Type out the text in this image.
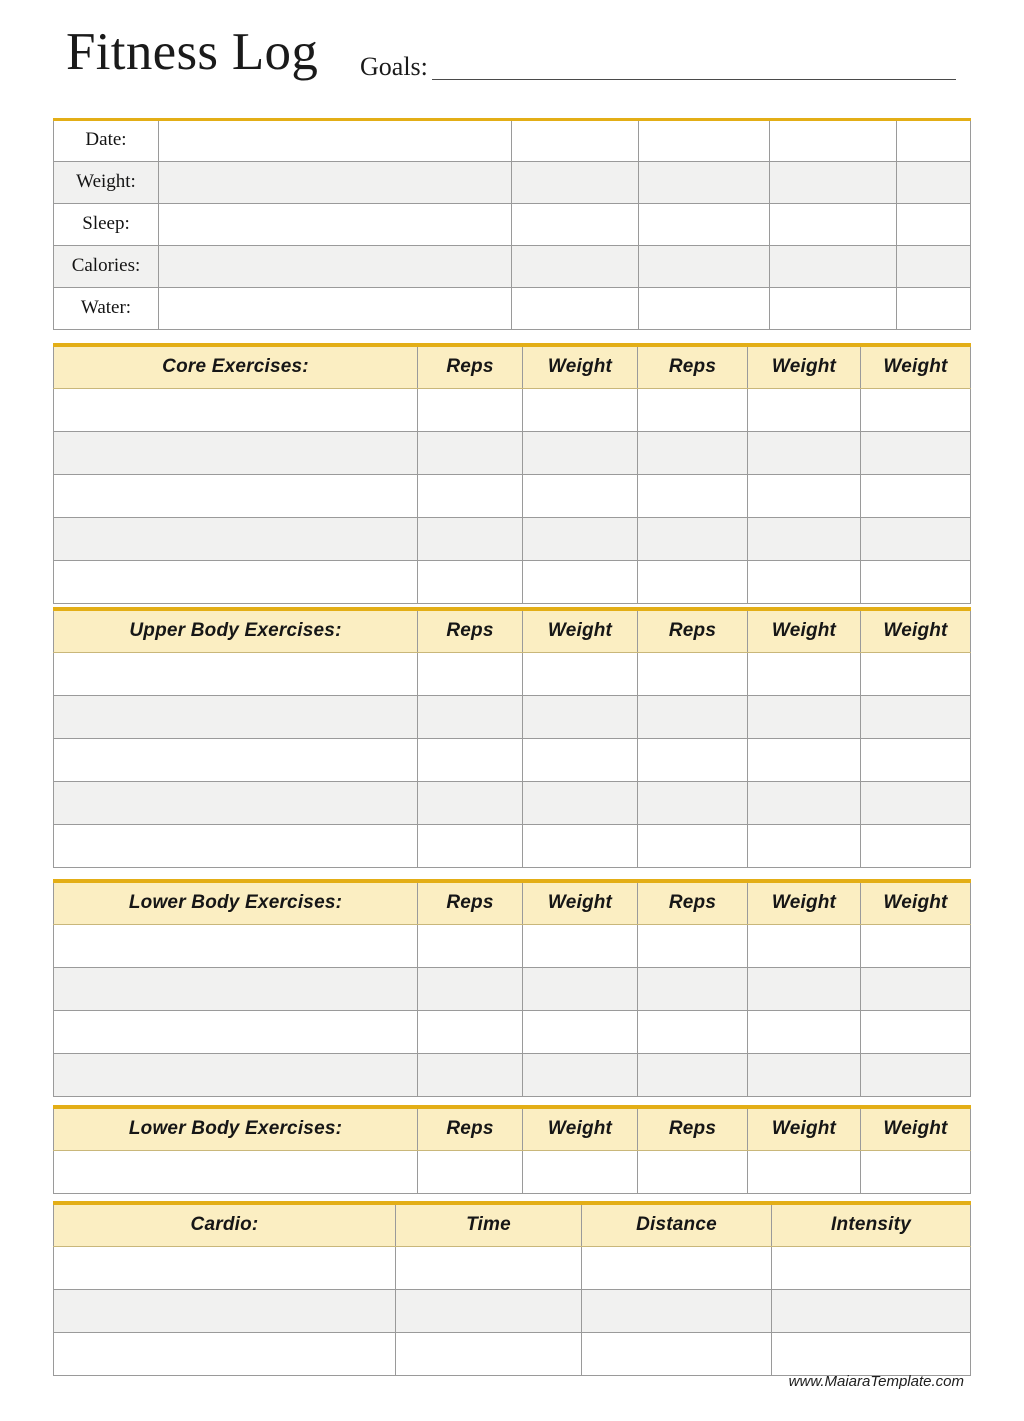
Fitness Log Goals:
Date:					
Weight:					
Sleep:					
Calories:					
Water:					
Core Exercises:	Reps	Weight	Reps	Weight	Weight

Upper Body Exercises:	Reps	Weight	Reps	Weight	Weight

Lower Body Exercises:	Reps	Weight	Reps	Weight	Weight

Lower Body Exercises:	Reps	Weight	Reps	Weight	Weight

Cardio:	Time	Distance	Intensity

www.MaiaraTemplate.com
